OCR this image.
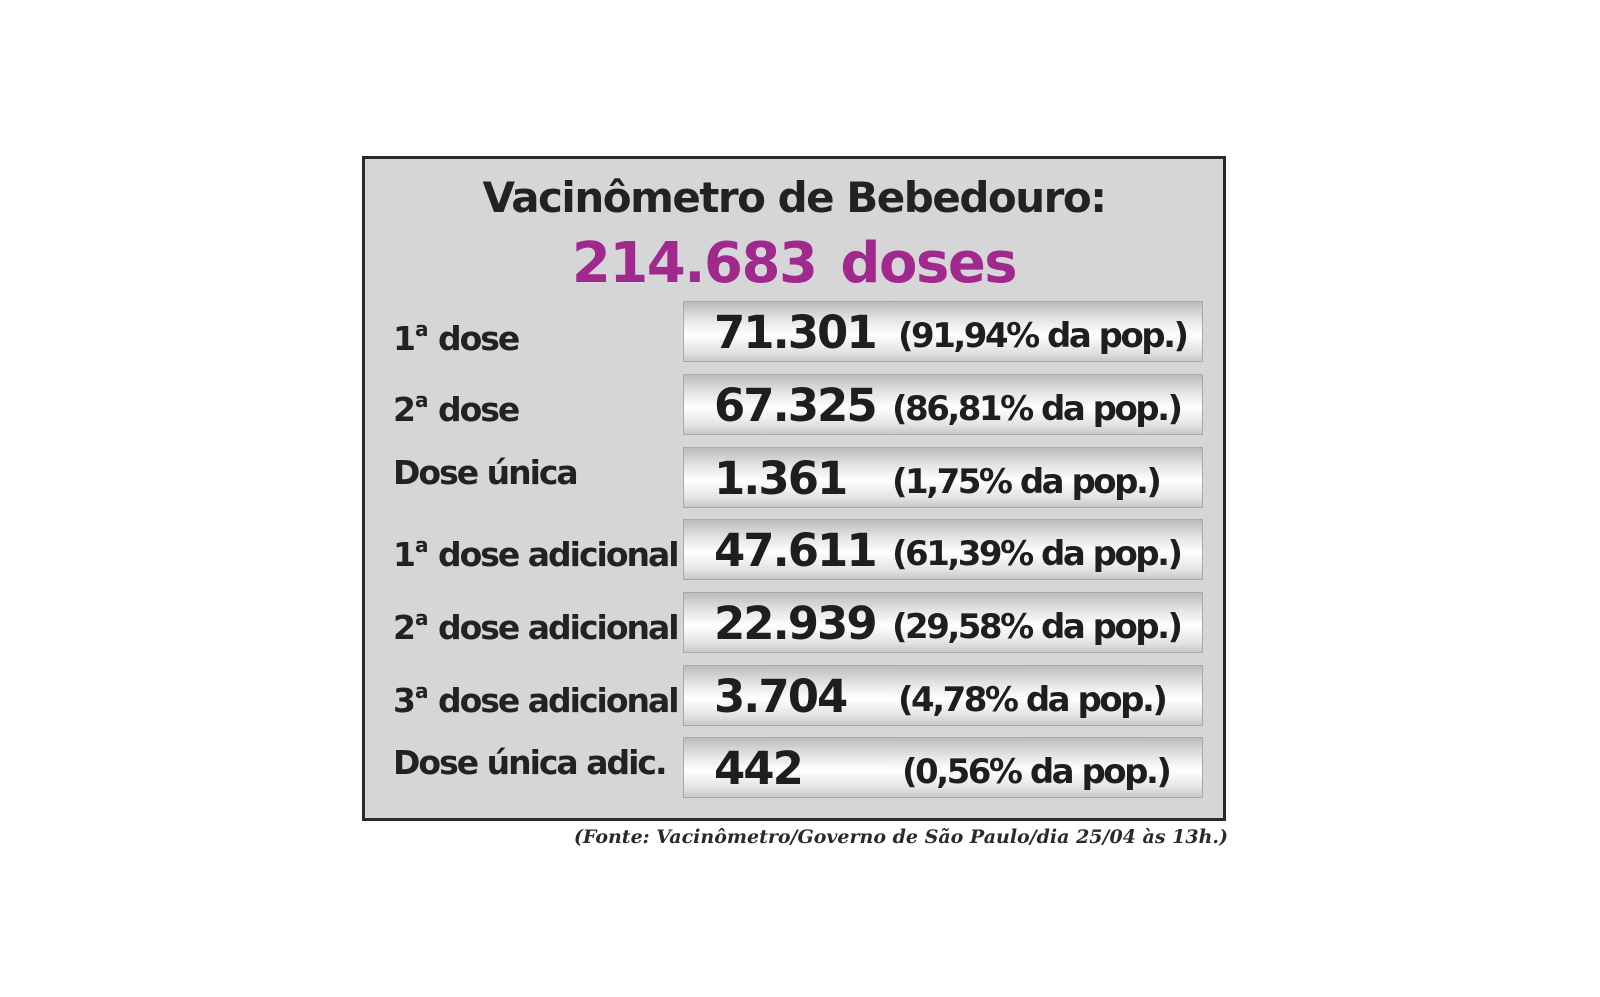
Vacinômetro de Bebedouro:
214.683 doses
1$^a$ dose	71.301 (91,94% da pop.)
2$^a$ dose	67.325 (86,81% da pop.)
Dose única	1.361 (1,75% da pop.)
1$^a$ dose adicional 47.611 (61,39% da pop.)
2$^a$ dose adicional 22.939 (29,58% da pop.)
3$^a$ dose adicional 3.704 (4,78% da pop.)
Dose única adic. 442	(0,56% da pop.)
(Fonte: Vacinômetro/Governo de São Paulo/dia 25/04 às 13h.)
